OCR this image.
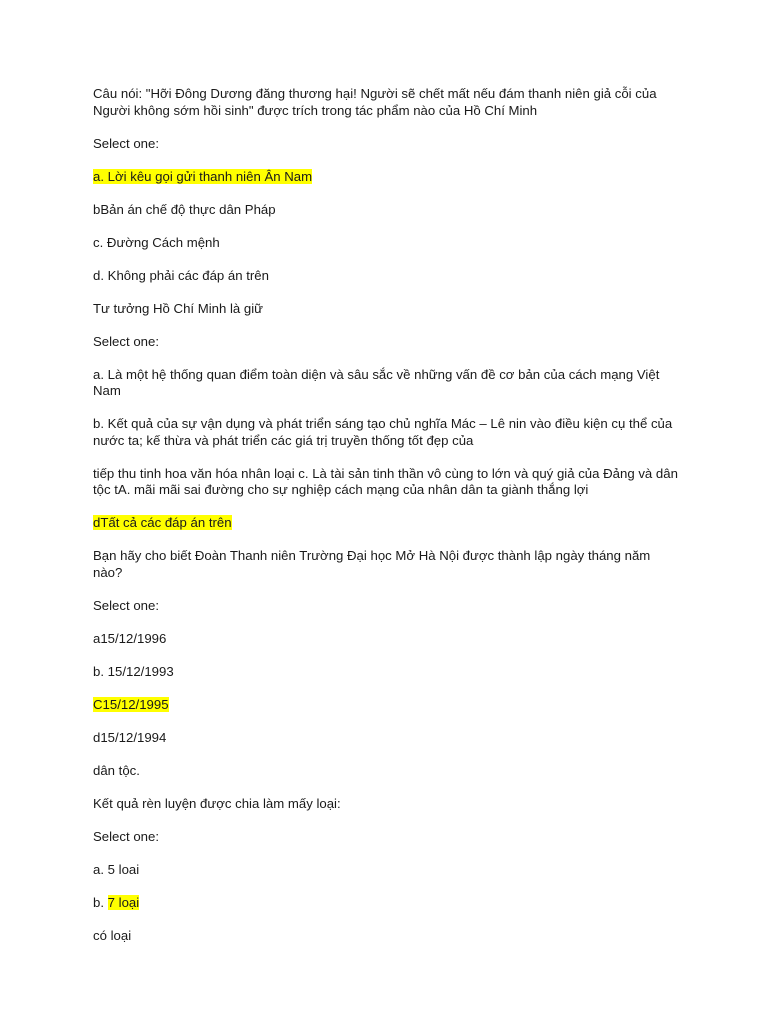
Câu nói: "Hỡi Đông Dương đăng thương hại! Người sẽ chết mất nếu đám thanh niên giả cỗi của Người không sớm hồi sinh" được trích trong tác phẩm nào của Hồ Chí Minh

Select one:

a. Lời kêu gọi gửi thanh niên Ân Nam

bBản án chế độ thực dân Pháp

c. Đường Cách mệnh

d. Không phải các đáp án trên

Tư tưởng Hồ Chí Minh là giữ

Select one:

a. Là một hệ thống quan điểm toàn diện và sâu sắc về những vấn đề cơ bản của cách mạng Việt Nam

b. Kết quả của sự vận dụng và phát triển sáng tạo chủ nghĩa Mác – Lê nin vào điều kiện cụ thể của nước ta; kế thừa và phát triển các giá trị truyền thống tốt đẹp của

tiếp thu tinh hoa văn hóa nhân loại c. Là tài sản tinh thần vô cùng to lớn và quý giả của Đảng và dân tộc tA. mãi mãi sai đường cho sự nghiệp cách mạng của nhân dân ta giành thắng lợi

dTất cả các đáp án trên

Bạn hãy cho biết Đoàn Thanh niên Trường Đại học Mở Hà Nội được thành lập ngày tháng năm nào?

Select one:

a15/12/1996

b. 15/12/1993

C15/12/1995

d15/12/1994

dân tộc.

Kết quả rèn luyện được chia làm mấy loại:

Select one:

a. 5 loai

b. 7 loại

có loại
